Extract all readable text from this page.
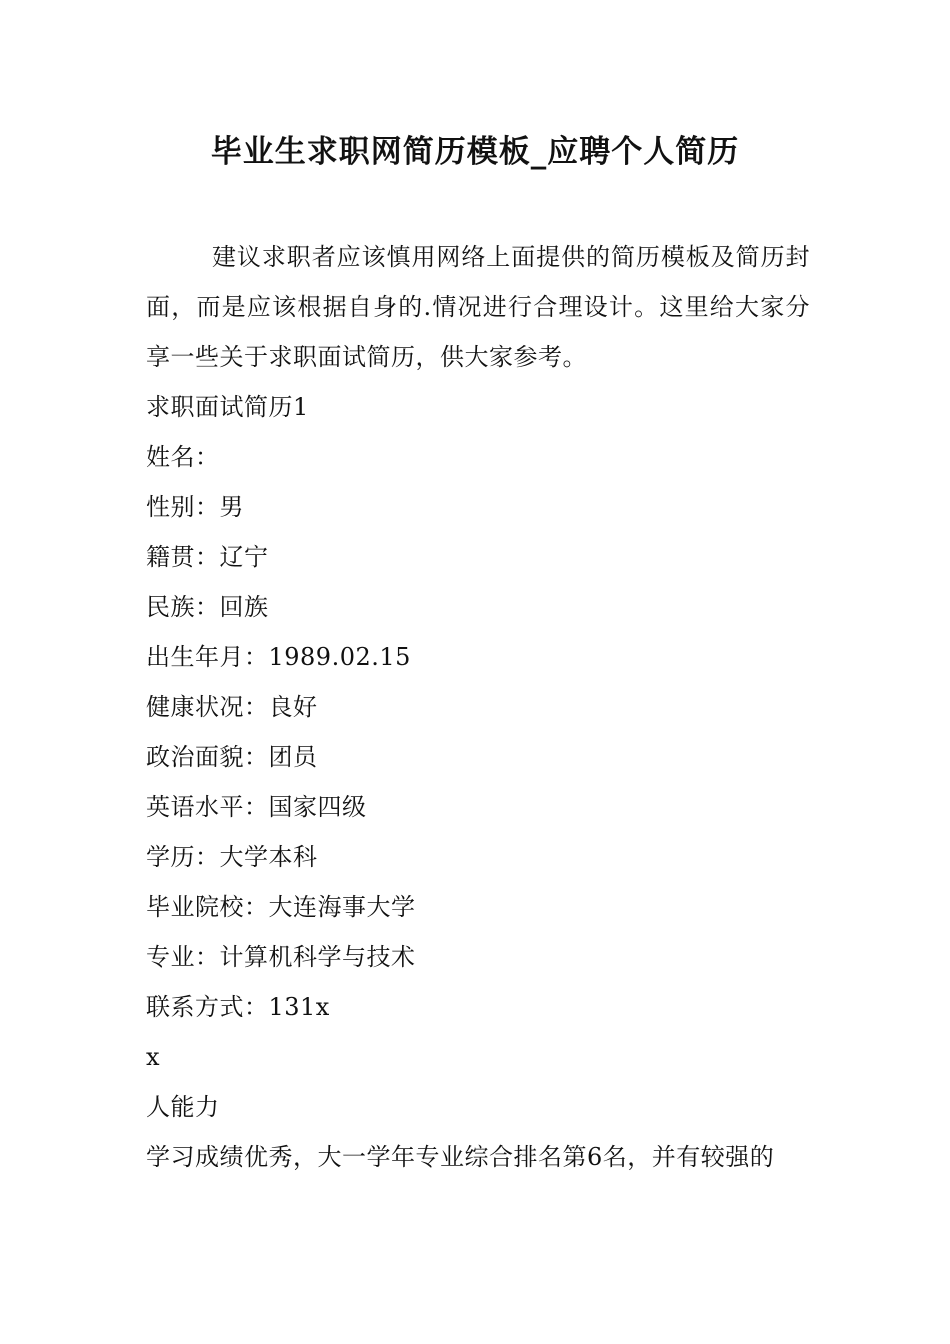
毕业生求职网简历模板_应聘个人简历

建议求职者应该慎用网络上面提供的简历模板及简历封面，而是应该根据自身的.情况进行合理设计。这里给大家分享一些关于求职面试简历，供大家参考。

求职面试简历1

姓名：

性别：男

籍贯：辽宁

民族：回族

出生年月：1989.02.15

健康状况：良好

政治面貌：团员

英语水平：国家四级

学历：大学本科

毕业院校：大连海事大学

专业：计算机科学与技术

联系方式：131x

x

人能力

学习成绩优秀，大一学年专业综合排名第6名，并有较强的
